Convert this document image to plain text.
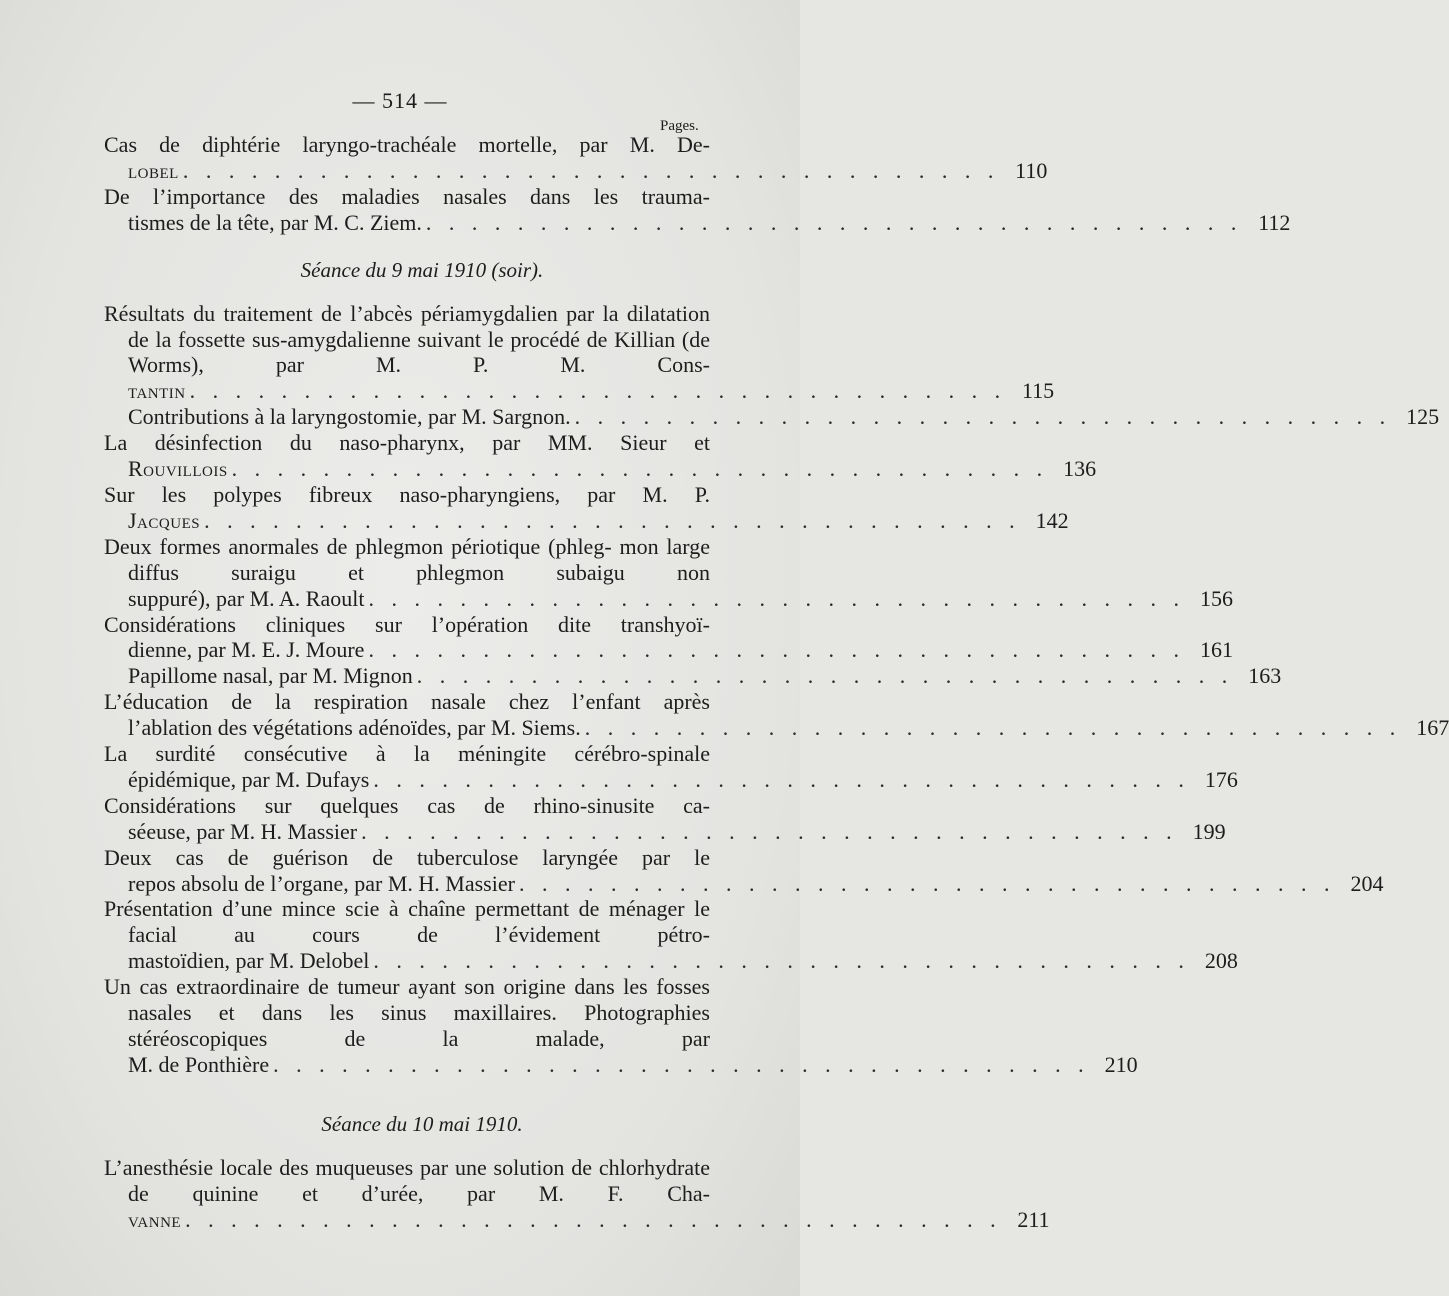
— 514 —
Pages.
Cas de diphtérie laryngo-trachéale mortelle, par M. De-
lobel . . . . . . . . . . . . . . . . . . . . . . . . . . . . . . . . . . . . 110
De l’importance des maladies nasales dans les trauma-
tismes de la tête, par M. C. Ziem. . . . . . . . . . . . . . . . . . . . . . . . . . . . . . . . . . . . . 112
Séance du 9 mai 1910 (soir).
Résultats du traitement de l’abcès périamygdalien par la dilatation de la fossette sus-amygdalienne suivant le procédé de Killian (de Worms), par M. P. M. Cons-
tantin . . . . . . . . . . . . . . . . . . . . . . . . . . . . . . . . . . . . 115
Contributions à la laryngostomie, par M. Sargnon. . . . . . . . . . . . . . . . . . . . . . . . . . . . . . . . . . . . . 125
La désinfection du naso-pharynx, par MM. Sieur et
Rouvillois . . . . . . . . . . . . . . . . . . . . . . . . . . . . . . . . . . . . 136
Sur les polypes fibreux naso-pharyngiens, par M. P.
Jacques . . . . . . . . . . . . . . . . . . . . . . . . . . . . . . . . . . . . 142
Deux formes anormales de phlegmon périotique (phleg- mon large diffus suraigu et phlegmon subaigu non
suppuré), par M. A. Raoult . . . . . . . . . . . . . . . . . . . . . . . . . . . . . . . . . . . . 156
Considérations cliniques sur l’opération dite transhyoï-
dienne, par M. E. J. Moure . . . . . . . . . . . . . . . . . . . . . . . . . . . . . . . . . . . . 161
Papillome nasal, par M. Mignon . . . . . . . . . . . . . . . . . . . . . . . . . . . . . . . . . . . . 163
L’éducation de la respiration nasale chez l’enfant après
l’ablation des végétations adénoïdes, par M. Siems. . . . . . . . . . . . . . . . . . . . . . . . . . . . . . . . . . . . . 167
La surdité consécutive à la méningite cérébro-spinale
épidémique, par M. Dufays . . . . . . . . . . . . . . . . . . . . . . . . . . . . . . . . . . . . 176
Considérations sur quelques cas de rhino-sinusite ca-
séeuse, par M. H. Massier . . . . . . . . . . . . . . . . . . . . . . . . . . . . . . . . . . . . 199
Deux cas de guérison de tuberculose laryngée par le
repos absolu de l’organe, par M. H. Massier . . . . . . . . . . . . . . . . . . . . . . . . . . . . . . . . . . . . 204
Présentation d’une mince scie à chaîne permettant de ménager le facial au cours de l’évidement pétro-
mastoïdien, par M. Delobel . . . . . . . . . . . . . . . . . . . . . . . . . . . . . . . . . . . . 208
Un cas extraordinaire de tumeur ayant son origine dans les fosses nasales et dans les sinus maxillaires. Photographies stéréoscopiques de la malade, par
M. de Ponthière . . . . . . . . . . . . . . . . . . . . . . . . . . . . . . . . . . . . 210
Séance du 10 mai 1910.
L’anesthésie locale des muqueuses par une solution de chlorhydrate de quinine et d’urée, par M. F. Cha-
vanne . . . . . . . . . . . . . . . . . . . . . . . . . . . . . . . . . . . . 211
